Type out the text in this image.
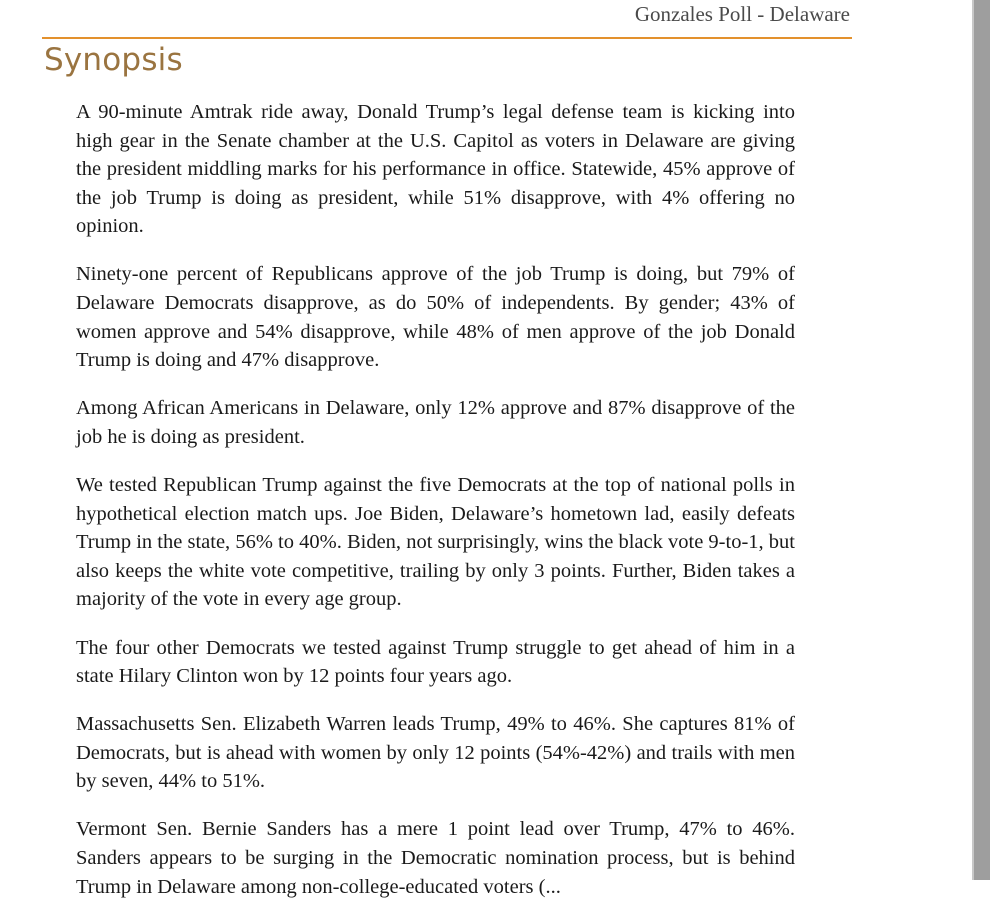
Gonzales Poll - Delaware
Synopsis

A 90-minute Amtrak ride away, Donald Trump’s legal defense team is kicking into high gear in the Senate chamber at the U.S. Capitol as voters in Delaware are giving the president middling marks for his performance in office. Statewide, 45% approve of the job Trump is doing as president, while 51% disapprove, with 4% offering no opinion.

Ninety-one percent of Republicans approve of the job Trump is doing, but 79% of Delaware Democrats disapprove, as do 50% of independents. By gender; 43% of women approve and 54% disapprove, while 48% of men approve of the job Donald Trump is doing and 47% disapprove.

Among African Americans in Delaware, only 12% approve and 87% disapprove of the job he is doing as president.

We tested Republican Trump against the five Democrats at the top of national polls in hypothetical election match ups. Joe Biden, Delaware’s hometown lad, easily defeats Trump in the state, 56% to 40%. Biden, not surprisingly, wins the black vote 9-to-1, but also keeps the white vote competitive, trailing by only 3 points. Further, Biden takes a majority of the vote in every age group.

The four other Democrats we tested against Trump struggle to get ahead of him in a state Hilary Clinton won by 12 points four years ago.

Massachusetts Sen. Elizabeth Warren leads Trump, 49% to 46%. She captures 81% of Democrats, but is ahead with women by only 12 points (54%-42%) and trails with men by seven, 44% to 51%.

Vermont Sen. Bernie Sanders has a mere 1 point lead over Trump, 47% to 46%. Sanders appears to be surging in the Democratic nomination process, but is behind Trump in Delaware among non-college-educated voters (...
